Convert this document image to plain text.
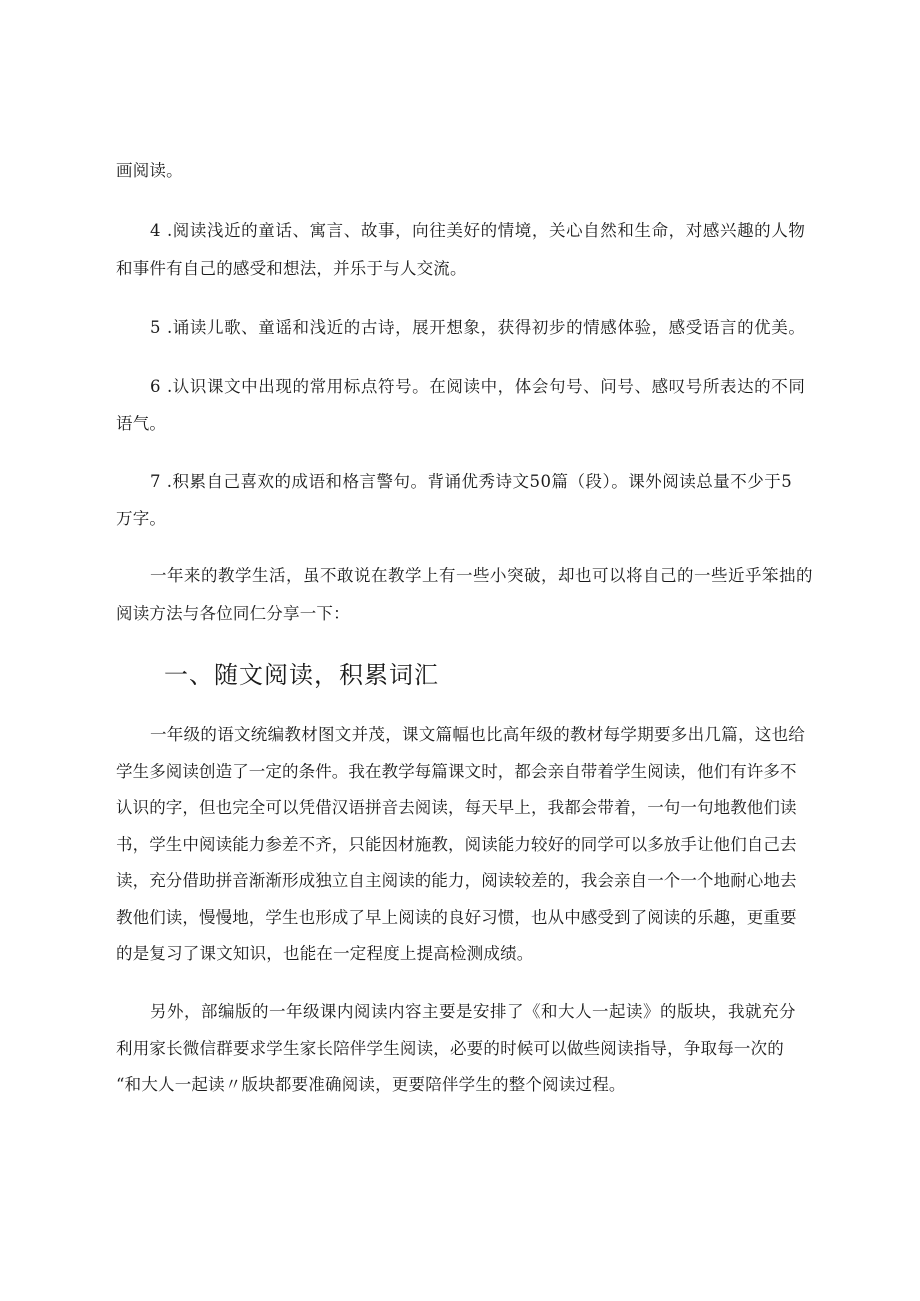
画阅读。
4 .阅读浅近的童话、寓言、故事，向往美好的情境，关心自然和生命，对感兴趣的人物
和事件有自己的感受和想法，并乐于与人交流。
5 .诵读儿歌、童谣和浅近的古诗，展开想象，获得初步的情感体验，感受语言的优美。
6 .认识课文中出现的常用标点符号。在阅读中，体会句号、问号、感叹号所表达的不同
语气。
7 .积累自己喜欢的成语和格言警句。背诵优秀诗文50篇（段）。课外阅读总量不少于5
万字。
一年来的教学生活，虽不敢说在教学上有一些小突破，却也可以将自己的一些近乎笨拙的
阅读方法与各位同仁分享一下：
一、随文阅读，积累词汇
一年级的语文统编教材图文并茂，课文篇幅也比高年级的教材每学期要多出几篇，这也给
学生多阅读创造了一定的条件。我在教学每篇课文时，都会亲自带着学生阅读，他们有许多不
认识的字，但也完全可以凭借汉语拼音去阅读，每天早上，我都会带着，一句一句地教他们读
书，学生中阅读能力参差不齐，只能因材施教，阅读能力较好的同学可以多放手让他们自己去
读，充分借助拼音渐渐形成独立自主阅读的能力，阅读较差的，我会亲自一个一个地耐心地去
教他们读，慢慢地，学生也形成了早上阅读的良好习惯，也从中感受到了阅读的乐趣，更重要
的是复习了课文知识，也能在一定程度上提高检测成绩。
另外，部编版的一年级课内阅读内容主要是安排了《和大人一起读》的版块，我就充分
利用家长微信群要求学生家长陪伴学生阅读，必要的时候可以做些阅读指导，争取每一次的
“和大人一起读〃版块都要准确阅读，更要陪伴学生的整个阅读过程。
